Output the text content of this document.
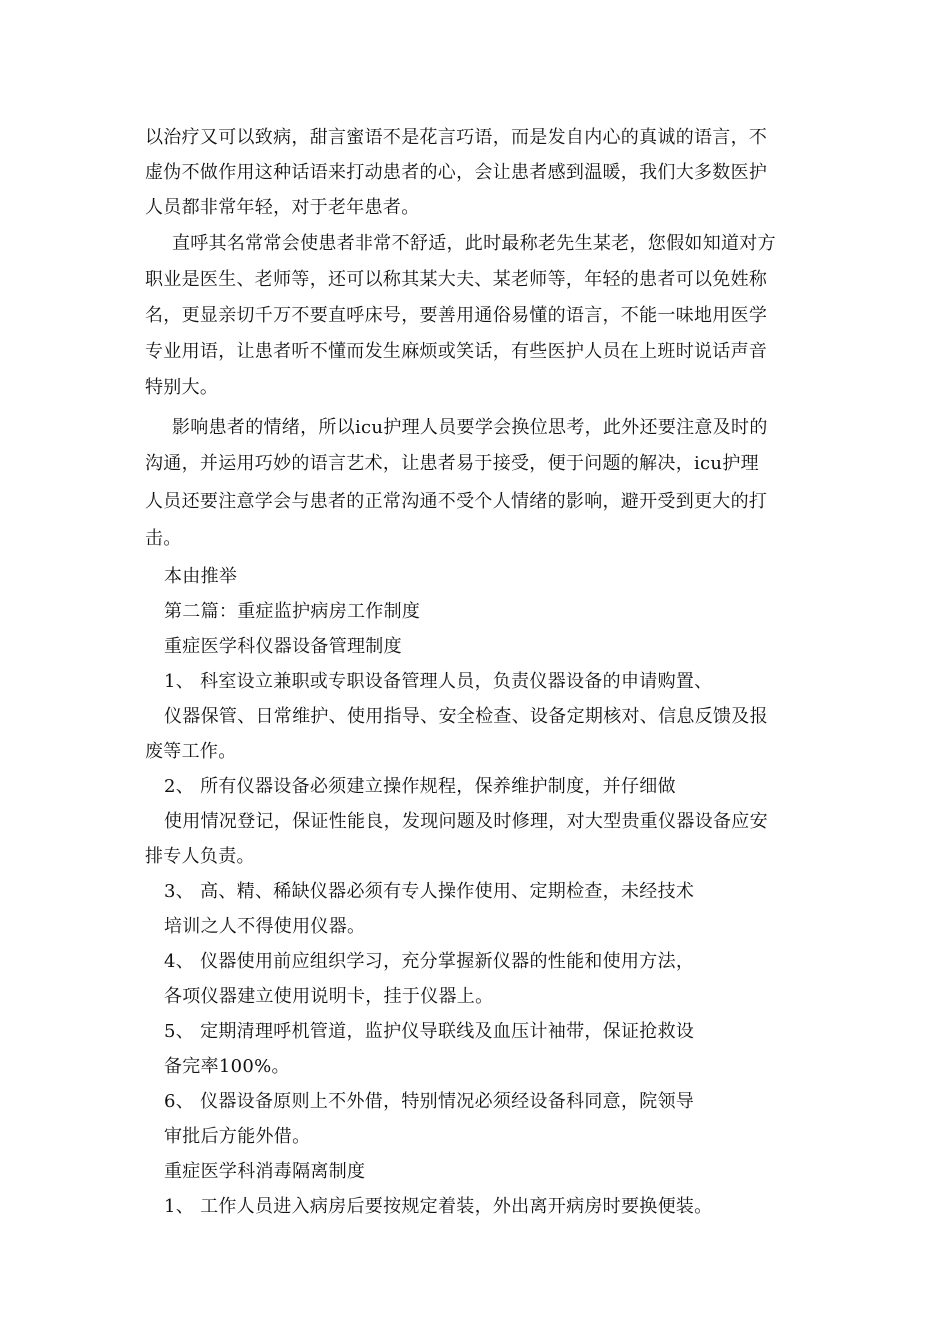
以治疗又可以致病，甜言蜜语不是花言巧语，而是发自内心的真诚的语言，不
虚伪不做作用这种话语来打动患者的心，会让患者感到温暖，我们大多数医护
人员都非常年轻，对于老年患者。
直呼其名常常会使患者非常不舒适，此时最称老先生某老，您假如知道对方
职业是医生、老师等，还可以称其某大夫、某老师等，年轻的患者可以免姓称
名，更显亲切千万不要直呼床号，要善用通俗易懂的语言，不能一味地用医学
专业用语，让患者听不懂而发生麻烦或笑话，有些医护人员在上班时说话声音
特别大。
影响患者的情绪，所以icu护理人员要学会换位思考，此外还要注意及时的
沟通，并运用巧妙的语言艺术，让患者易于接受，便于问题的解决，icu护理
人员还要注意学会与患者的正常沟通不受个人情绪的影响，避开受到更大的打
击。
本由推举
第二篇：重症监护病房工作制度
重症医学科仪器设备管理制度
1、 科室设立兼职或专职设备管理人员，负责仪器设备的申请购置、
仪器保管、日常维护、使用指导、安全检查、设备定期核对、信息反馈及报
废等工作。
2、 所有仪器设备必须建立操作规程，保养维护制度，并仔细做
使用情况登记，保证性能良，发现问题及时修理，对大型贵重仪器设备应安
排专人负责。
3、 高、精、稀缺仪器必须有专人操作使用、定期检查，未经技术
培训之人不得使用仪器。
4、 仪器使用前应组织学习，充分掌握新仪器的性能和使用方法，
各项仪器建立使用说明卡，挂于仪器上。
5、 定期清理呼机管道，监护仪导联线及血压计袖带，保证抢救设
备完率100%。
6、 仪器设备原则上不外借，特别情况必须经设备科同意，院领导
审批后方能外借。
重症医学科消毒隔离制度
1、 工作人员进入病房后要按规定着装，外出离开病房时要换便装。
